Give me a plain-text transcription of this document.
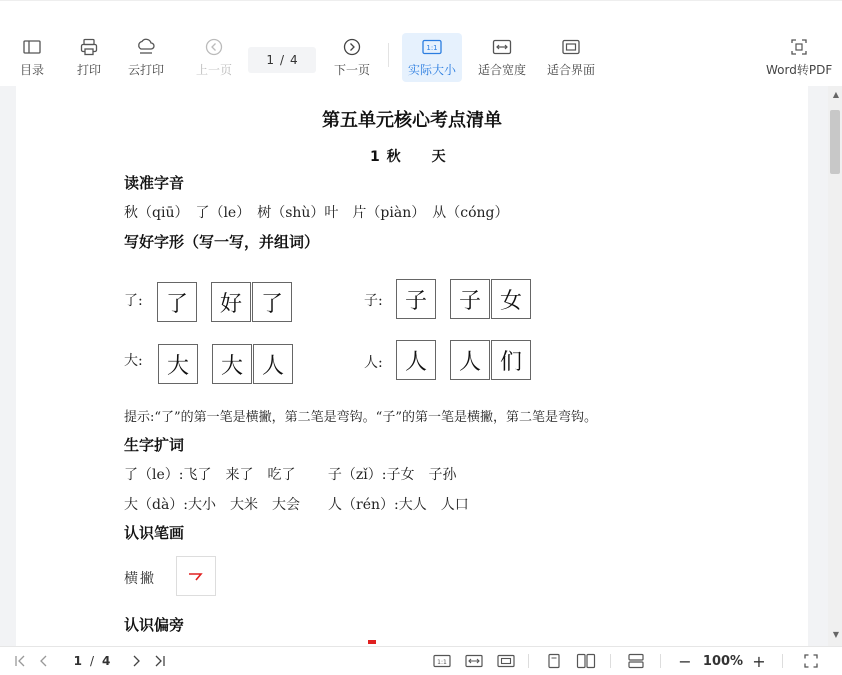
目录	打印 云打印	上一页
1 / 4
下一页
1:1
实际大小 适合宽度 适合界面	Word转PDF
第五单元核心考点清单
1 秋　　天
读准字音
秋（qiū）　了（le）　树（shù）叶　片（piàn）　从（cóng）
写好字形（写一写，并组词）
了:	了	好 了	子:	子	子 女
大:	大	大 人	人:	人	人 们
提示:“了”的第一笔是横撇，第二笔是弯钩。“子”的第一笔是横撇，第二笔是弯钩。
生字扩词
了（le）:飞了　来了　吃了　　 子（zǐ）:子女　子孙
大（dà）:大小　大米　大会　　人（rén）:大人　人口
认识笔画
横撇
认识偏旁
▲
▼
1 / 4	1:1	− 100% +
